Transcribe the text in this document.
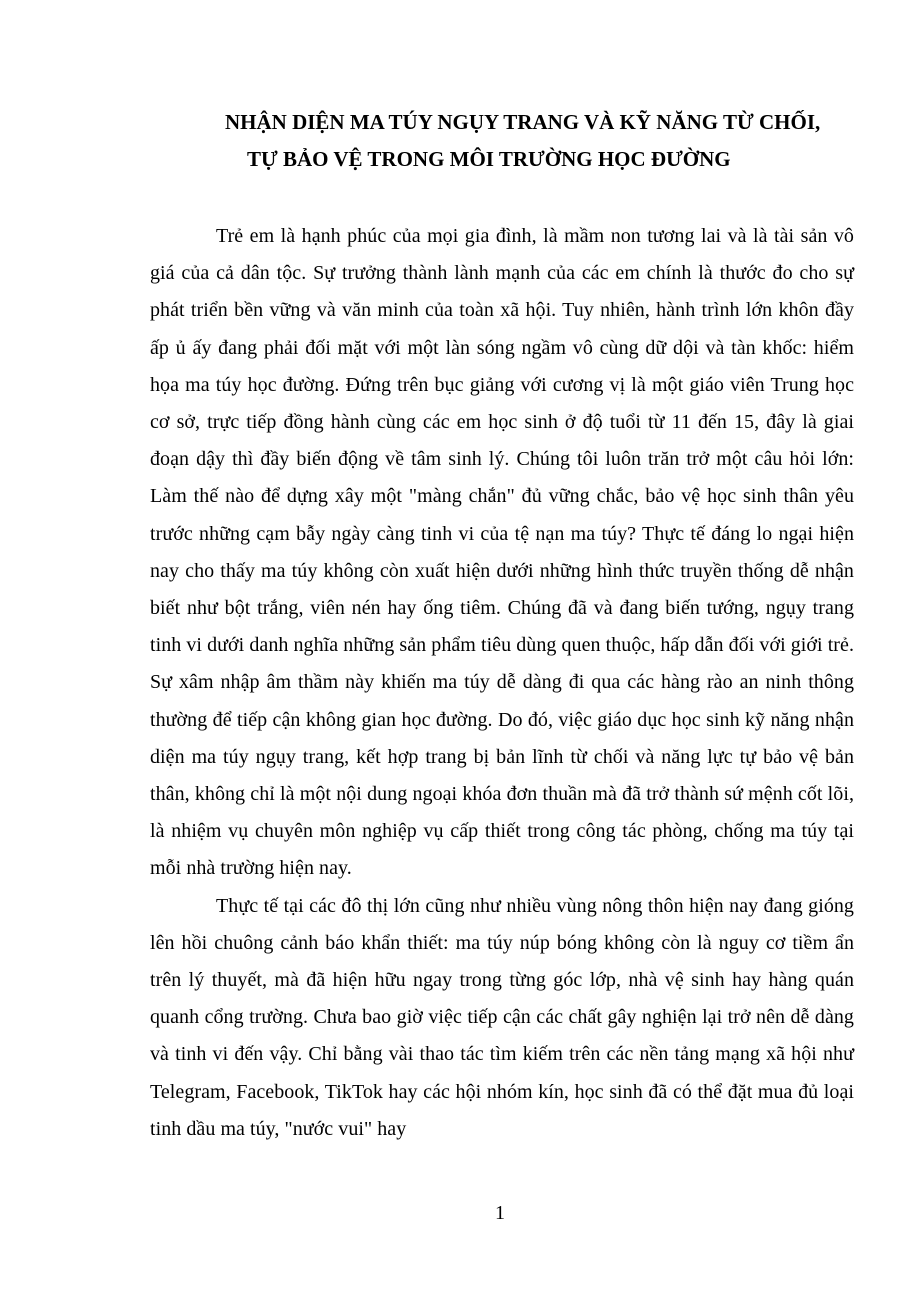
NHẬN DIỆN MA TÚY NGỤY TRANG VÀ KỸ NĂNG TỪ CHỐI,
TỰ BẢO VỆ TRONG MÔI TRƯỜNG HỌC ĐƯỜNG

Trẻ em là hạnh phúc của mọi gia đình, là mầm non tương lai và là tài sản vô giá của cả dân tộc. Sự trưởng thành lành mạnh của các em chính là thước đo cho sự phát triển bền vững và văn minh của toàn xã hội. Tuy nhiên, hành trình lớn khôn đầy ấp ủ ấy đang phải đối mặt với một làn sóng ngầm vô cùng dữ dội và tàn khốc: hiểm họa ma túy học đường. Đứng trên bục giảng với cương vị là một giáo viên Trung học cơ sở, trực tiếp đồng hành cùng các em học sinh ở độ tuổi từ 11 đến 15, đây là giai đoạn dậy thì đầy biến động về tâm sinh lý. Chúng tôi luôn trăn trở một câu hỏi lớn: Làm thế nào để dựng xây một "màng chắn" đủ vững chắc, bảo vệ học sinh thân yêu trước những cạm bẫy ngày càng tinh vi của tệ nạn ma túy? Thực tế đáng lo ngại hiện nay cho thấy ma túy không còn xuất hiện dưới những hình thức truyền thống dễ nhận biết như bột trắng, viên nén hay ống tiêm. Chúng đã và đang biến tướng, ngụy trang tinh vi dưới danh nghĩa những sản phẩm tiêu dùng quen thuộc, hấp dẫn đối với giới trẻ. Sự xâm nhập âm thầm này khiến ma túy dễ dàng đi qua các hàng rào an ninh thông thường để tiếp cận không gian học đường. Do đó, việc giáo dục học sinh kỹ năng nhận diện ma túy ngụy trang, kết hợp trang bị bản lĩnh từ chối và năng lực tự bảo vệ bản thân, không chỉ là một nội dung ngoại khóa đơn thuần mà đã trở thành sứ mệnh cốt lõi, là nhiệm vụ chuyên môn nghiệp vụ cấp thiết trong công tác phòng, chống ma túy tại mỗi nhà trường hiện nay.

Thực tế tại các đô thị lớn cũng như nhiều vùng nông thôn hiện nay đang gióng lên hồi chuông cảnh báo khẩn thiết: ma túy núp bóng không còn là nguy cơ tiềm ẩn trên lý thuyết, mà đã hiện hữu ngay trong từng góc lớp, nhà vệ sinh hay hàng quán quanh cổng trường. Chưa bao giờ việc tiếp cận các chất gây nghiện lại trở nên dễ dàng và tinh vi đến vậy. Chỉ bằng vài thao tác tìm kiếm trên các nền tảng mạng xã hội như Telegram, Facebook, TikTok hay các hội nhóm kín, học sinh đã có thể đặt mua đủ loại tinh dầu ma túy, "nước vui" hay

1
